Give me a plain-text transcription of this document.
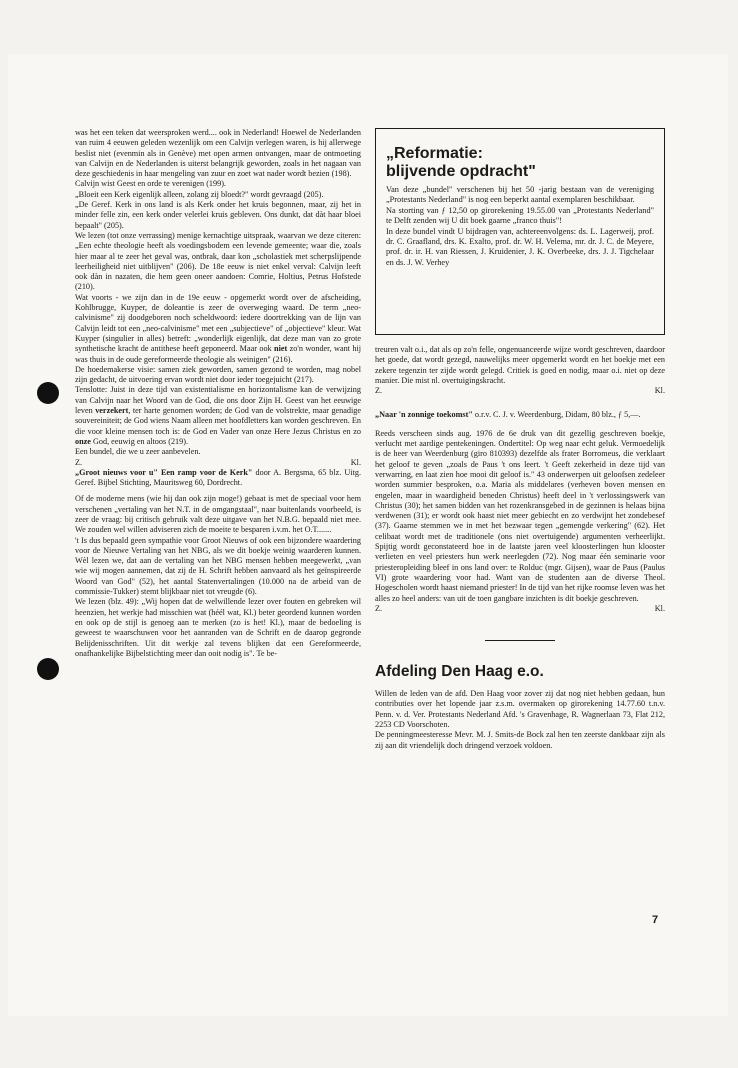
was het een teken dat weersproken werd.... ook in Nederland! Hoewel de Nederlanden van ruim 4 eeuwen geleden wezenlijk om een Calvijn verlegen waren, is hij allerwege beslist niet (evenmin als in Genève) met open armen ontvangen, maar de ontmoeting van Calvijn en de Nederlanden is uiterst belangrijk geworden, zoals in het nagaan van deze geschiedenis in haar mengeling van zuur en zoet wat nader wordt bezien (198).

Calvijn wist Geest en orde te verenigen (199).

„Bloeit een Kerk eigenlijk alleen, zolang zij bloedt?" wordt gevraagd (205).

„De Geref. Kerk in ons land is als Kerk onder het kruis begonnen, maar, zij het in minder felle zin, een kerk onder velerlei kruis gebleven. Ons dunkt, dat dàt haar bloei bepaalt" (205).

We lezen (tot onze verrassing) menige kernachtige uitspraak, waarvan we deze citeren: „Een echte theologie heeft als voedingsbodem een levende gemeente; waar die, zoals hier maar al te zeer het geval was, ontbrak, daar kon „scholastiek met scherpslijpende leerheiligheid niet uitblijven" (206). De 18e eeuw is niet enkel verval: Calvijn leeft ook dàn in nazaten, die hem geen oneer aandoen: Comrie, Holtius, Petrus Hofstede (210).

Wat voorts - we zijn dan in de 19e eeuw - opgemerkt wordt over de afscheiding, Kohlbrugge, Kuyper, de doleantie is zeer de overweging waard. De term „neo-calvinisme" zij doodgeboren noch scheldwoord: iedere doortrekking van de lijn van Calvijn leidt tot een „neo-calvinisme" met een „subjectieve" of „objectieve" kleur. Wat Kuyper (singulier in alles) betreft: „wonderlijk eigenlijk, dat deze man van zo grote synthetische kracht de antithese heeft geponeerd. Maar ook niet zo'n wonder, want hij was thuis in de oude gereformeerde theologie als weinigen" (216).

De hoedemakerse visie: samen ziek geworden, samen gezond te worden, mag nobel zijn gedacht, de uitvoering ervan wordt niet door ieder toegejuicht (217).

Tenslotte: Juist in deze tijd van existentialisme en horizontalisme kan de verwijzing van Calvijn naar het Woord van de God, die ons door Zijn H. Geest van het eeuwige leven verzekert, ter harte genomen worden; de God van de volstrekte, maar genadige souvereiniteit; de God wiens Naam alleen met hoofdletters kan worden geschreven. En die voor kleine mensen toch is: de God en Vader van onze Here Jezus Christus en zo onze God, eeuwig en altoos (219).

Een bundel, die we u zeer aanbevelen.

Z.	Kl.

„Groot nieuws voor u" Een ramp voor de Kerk" door A. Bergsma, 65 blz. Uitg. Geref. Bijbel Stichting, Mauritsweg 60, Dordrecht.

Of de moderne mens (wie hij dan ook zijn moge!) gebaat is met de speciaal voor hem verschenen „vertaling van het N.T. in de omgangstaal", naar buitenlands voorbeeld, is zeer de vraag: bij critisch gebruik valt deze uitgave van het N.B.G. bepaald niet mee. We zouden wel willen adviseren zich de moeite te besparen i.v.m. het O.T.......

't Is dus bepaald geen sympathie voor Groot Nieuws of ook een bijzondere waardering voor de Nieuwe Vertaling van het NBG, als we dit boekje weinig waarderen kunnen. Wèl lezen we, dat aan de vertaling van het NBG mensen hebben meegewerkt, „van wie wij mogen aannemen, dat zij de H. Schrift hebben aanvaard als het geïnspireerde Woord van God" (52), het aantal Statenvertalingen (10.000 na de arbeid van de commissie-Tukker) stemt blijkbaar niet tot vreugde (6).

We lezen (blz. 49): „Wij hopen dat de welwillende lezer over fouten en gebreken wil heenzien, het werkje had misschien wat (héél wat, Kl.) beter geordend kunnen worden en ook op de stijl is genoeg aan te merken (zo is het! Kl.), maar de bedoeling is geweest te waarschuwen voor het aanranden van de Schrift en de daarop gegronde Belijdenisschriften. Uit dit werkje zal tevens blijken dat een Gereformeerde, onafhankelijke Bijbelstichting meer dan ooit nodig is". Te be-

„Reformatie:
blijvende opdracht"

Van deze „bundel" verschenen bij het 50 -jarig bestaan van de vereniging „Protestants Nederland" is nog een beperkt aantal exemplaren beschikbaar.

Na storting van ƒ 12,50 op girorekening 19.55.00 van „Protestants Nederland" te Delft zenden wij U dit boek gaarne „franco thuis"!

In deze bundel vindt U bijdragen van, achtereenvolgens: ds. L. Lagerweij, prof. dr. C. Graafland, drs. K. Exalto, prof. dr. W. H. Velema, mr. dr. J. C. de Meyere, prof. dr. ir. H. van Riessen, J. Kruidenier, J. K. Overbeeke, drs. J. J. Tigchelaar en ds. J. W. Verhey

treuren valt o.i., dat als op zo'n felle, ongenuanceerde wijze wordt geschreven, daardoor het goede, dat wordt gezegd, nauwelijks meer opgemerkt wordt en het boekje met een zekere tegenzin ter zijde wordt gelegd. Critiek is goed en nodig, maar o.i. niet op deze manier. Die mist nl. overtuigingskracht.

Z.	Kl.

„Naar 'n zonnige toekomst" o.r.v. C. J. v. Weerdenburg, Didam, 80 blz., ƒ 5,—.

Reeds verscheen sinds aug. 1976 de 6e druk van dit gezellig geschreven boekje, verlucht met aardige pentekeningen. Ondertitel: Op weg naar echt geluk. Vermoedelijk is de heer van Weerdenburg (giro 810393) dezelfde als frater Borromeus, die verklaart het geloof te geven „zoals de Paus 't ons leert. 't Geeft zekerheid in deze tijd van verwarring, en laat zien hoe mooi dit geloof is." 43 onderwerpen uit geloofsen zedeleer worden summier besproken, o.a. Maria als middelares (verheven boven mensen en engelen, maar in waardigheid beneden Christus) heeft deel in 't verlossingswerk van Christus (30); het samen bidden van het rozenkransgebed in de gezinnen is helaas bijna verdwenen (31); er wordt ook haast niet meer gebiecht en zo verdwijnt het zondebesef (37). Gaarne stemmen we in met het bezwaar tegen „gemengde verkering" (62). Het celibaat wordt met de traditionele (ons niet overtuigende) argumenten verheerlijkt. Spijtig wordt geconstateerd hoe in de laatste jaren veel kloosterlingen hun klooster verlieten en veel priesters hun werk neerlegden (72). Nog maar één seminarie voor priesteropleiding bleef in ons land over: te Rolduc (mgr. Gijsen), waar de Paus (Paulus VI) grote waardering voor had. Want van de studenten aan de diverse Theol. Hogescholen wordt haast niemand priester! In de tijd van het rijke roomse leven was het alles zo heel anders: van uit de toen gangbare inzichten is dit boekje geschreven.

Z.	Kl.

Afdeling Den Haag e.o.

Willen de leden van de afd. Den Haag voor zover zij dat nog niet hebben gedaan, hun contributies over het lopende jaar z.s.m. overmaken op girorekening 14.77.60 t.n.v. Penn. v. d. Ver. Protestants Nederland Afd. 's Gravenhage, R. Wagnerlaan 73, Flat 212, 2253 CD Voorschoten.

De penningmeesteresse Mevr. M. J. Smits-de Bock zal hen ten zeerste dankbaar zijn als zij aan dit vriendelijk doch dringend verzoek voldoen.

7
